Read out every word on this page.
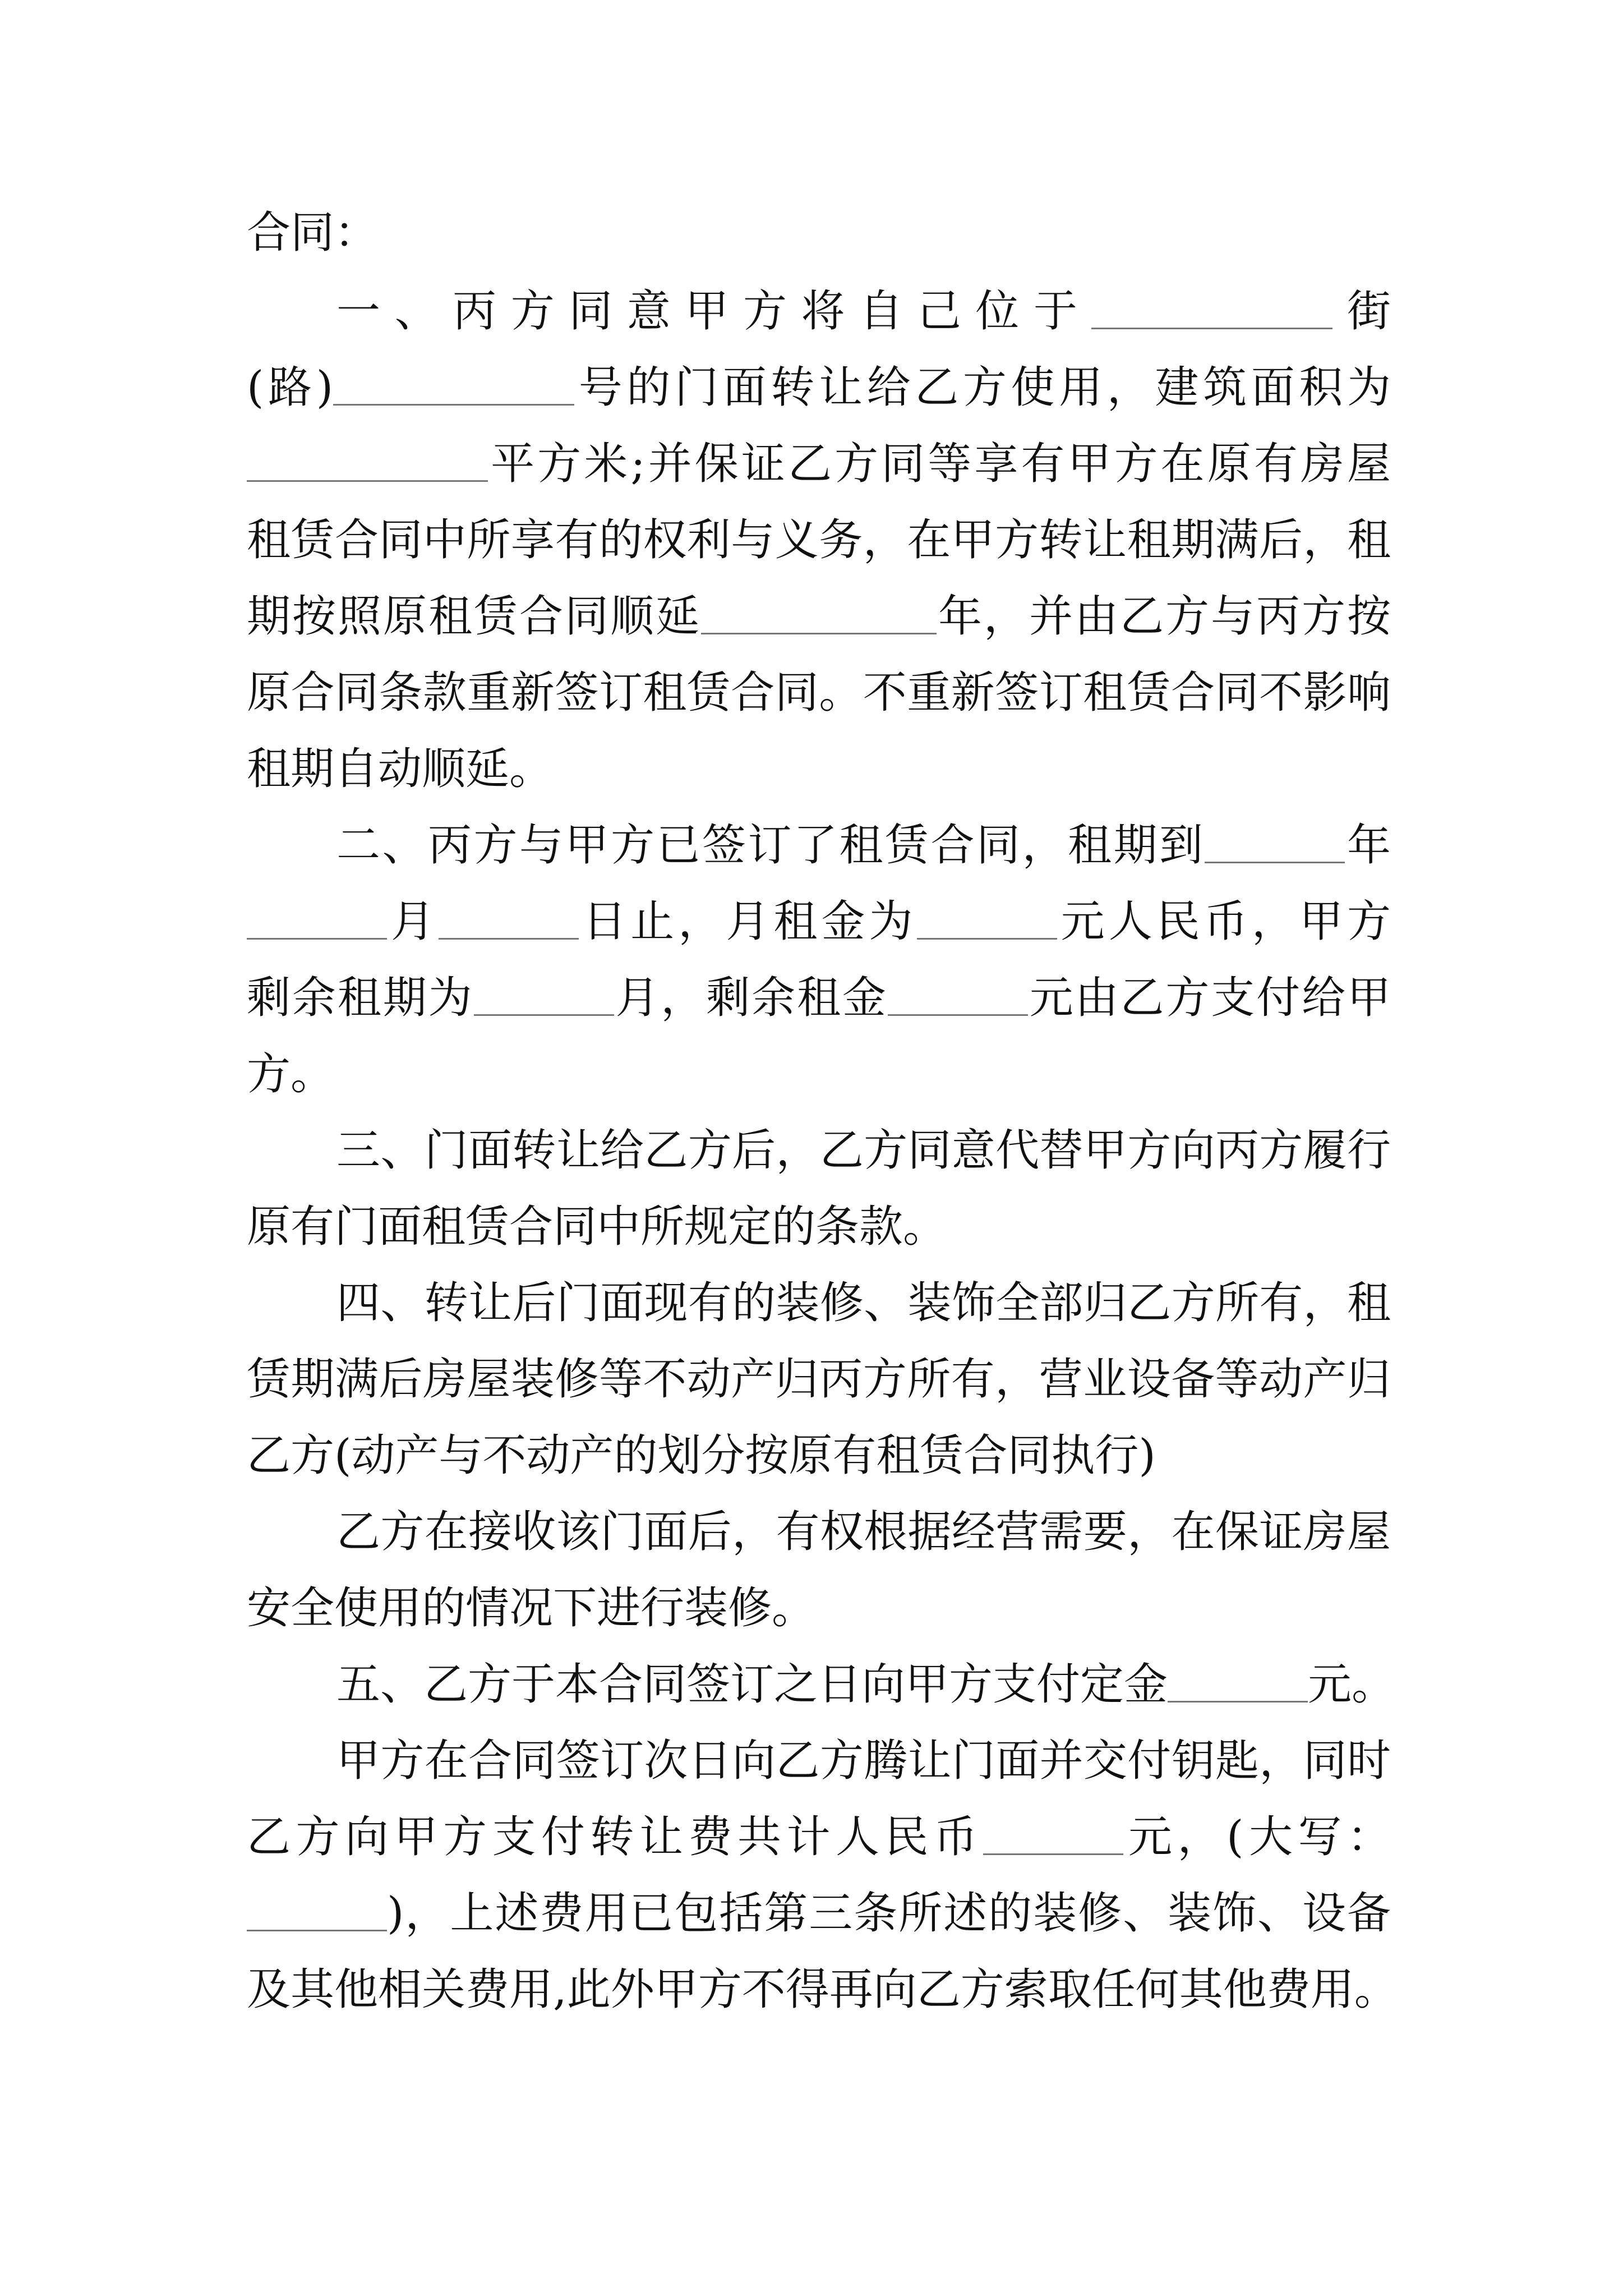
合同：
一、丙方同意甲方将自己位于	街
(路)	号的门面转让给乙方使用，建筑面积为
平方米;并保证乙方同等享有甲方在原有房屋
租赁合同中所享有的权利与义务，在甲方转让租期满后，租
期按照原租赁合同顺延	年，并由乙方与丙方按
原合同条款重新签订租赁合同。不重新签订租赁合同不影响
租期自动顺延。
二、丙方与甲方已签订了租赁合同，租期到	年
月	日止，月租金为	元人民币，甲方
剩余租期为	月，剩余租金	元由乙方支付给甲
方。
三、门面转让给乙方后，乙方同意代替甲方向丙方履行
原有门面租赁合同中所规定的条款。
四、转让后门面现有的装修、装饰全部归乙方所有，租
赁期满后房屋装修等不动产归丙方所有，营业设备等动产归
乙方(动产与不动产的划分按原有租赁合同执行)
乙方在接收该门面后，有权根据经营需要，在保证房屋
安全使用的情况下进行装修。
五、乙方于本合同签订之日向甲方支付定金	元。
甲方在合同签订次日向乙方腾让门面并交付钥匙，同时
乙方向甲方支付转让费共计人民币	元，(大写：
)，上述费用已包括第三条所述的装修、装饰、设备
及其他相关费用,此外甲方不得再向乙方索取任何其他费用。
